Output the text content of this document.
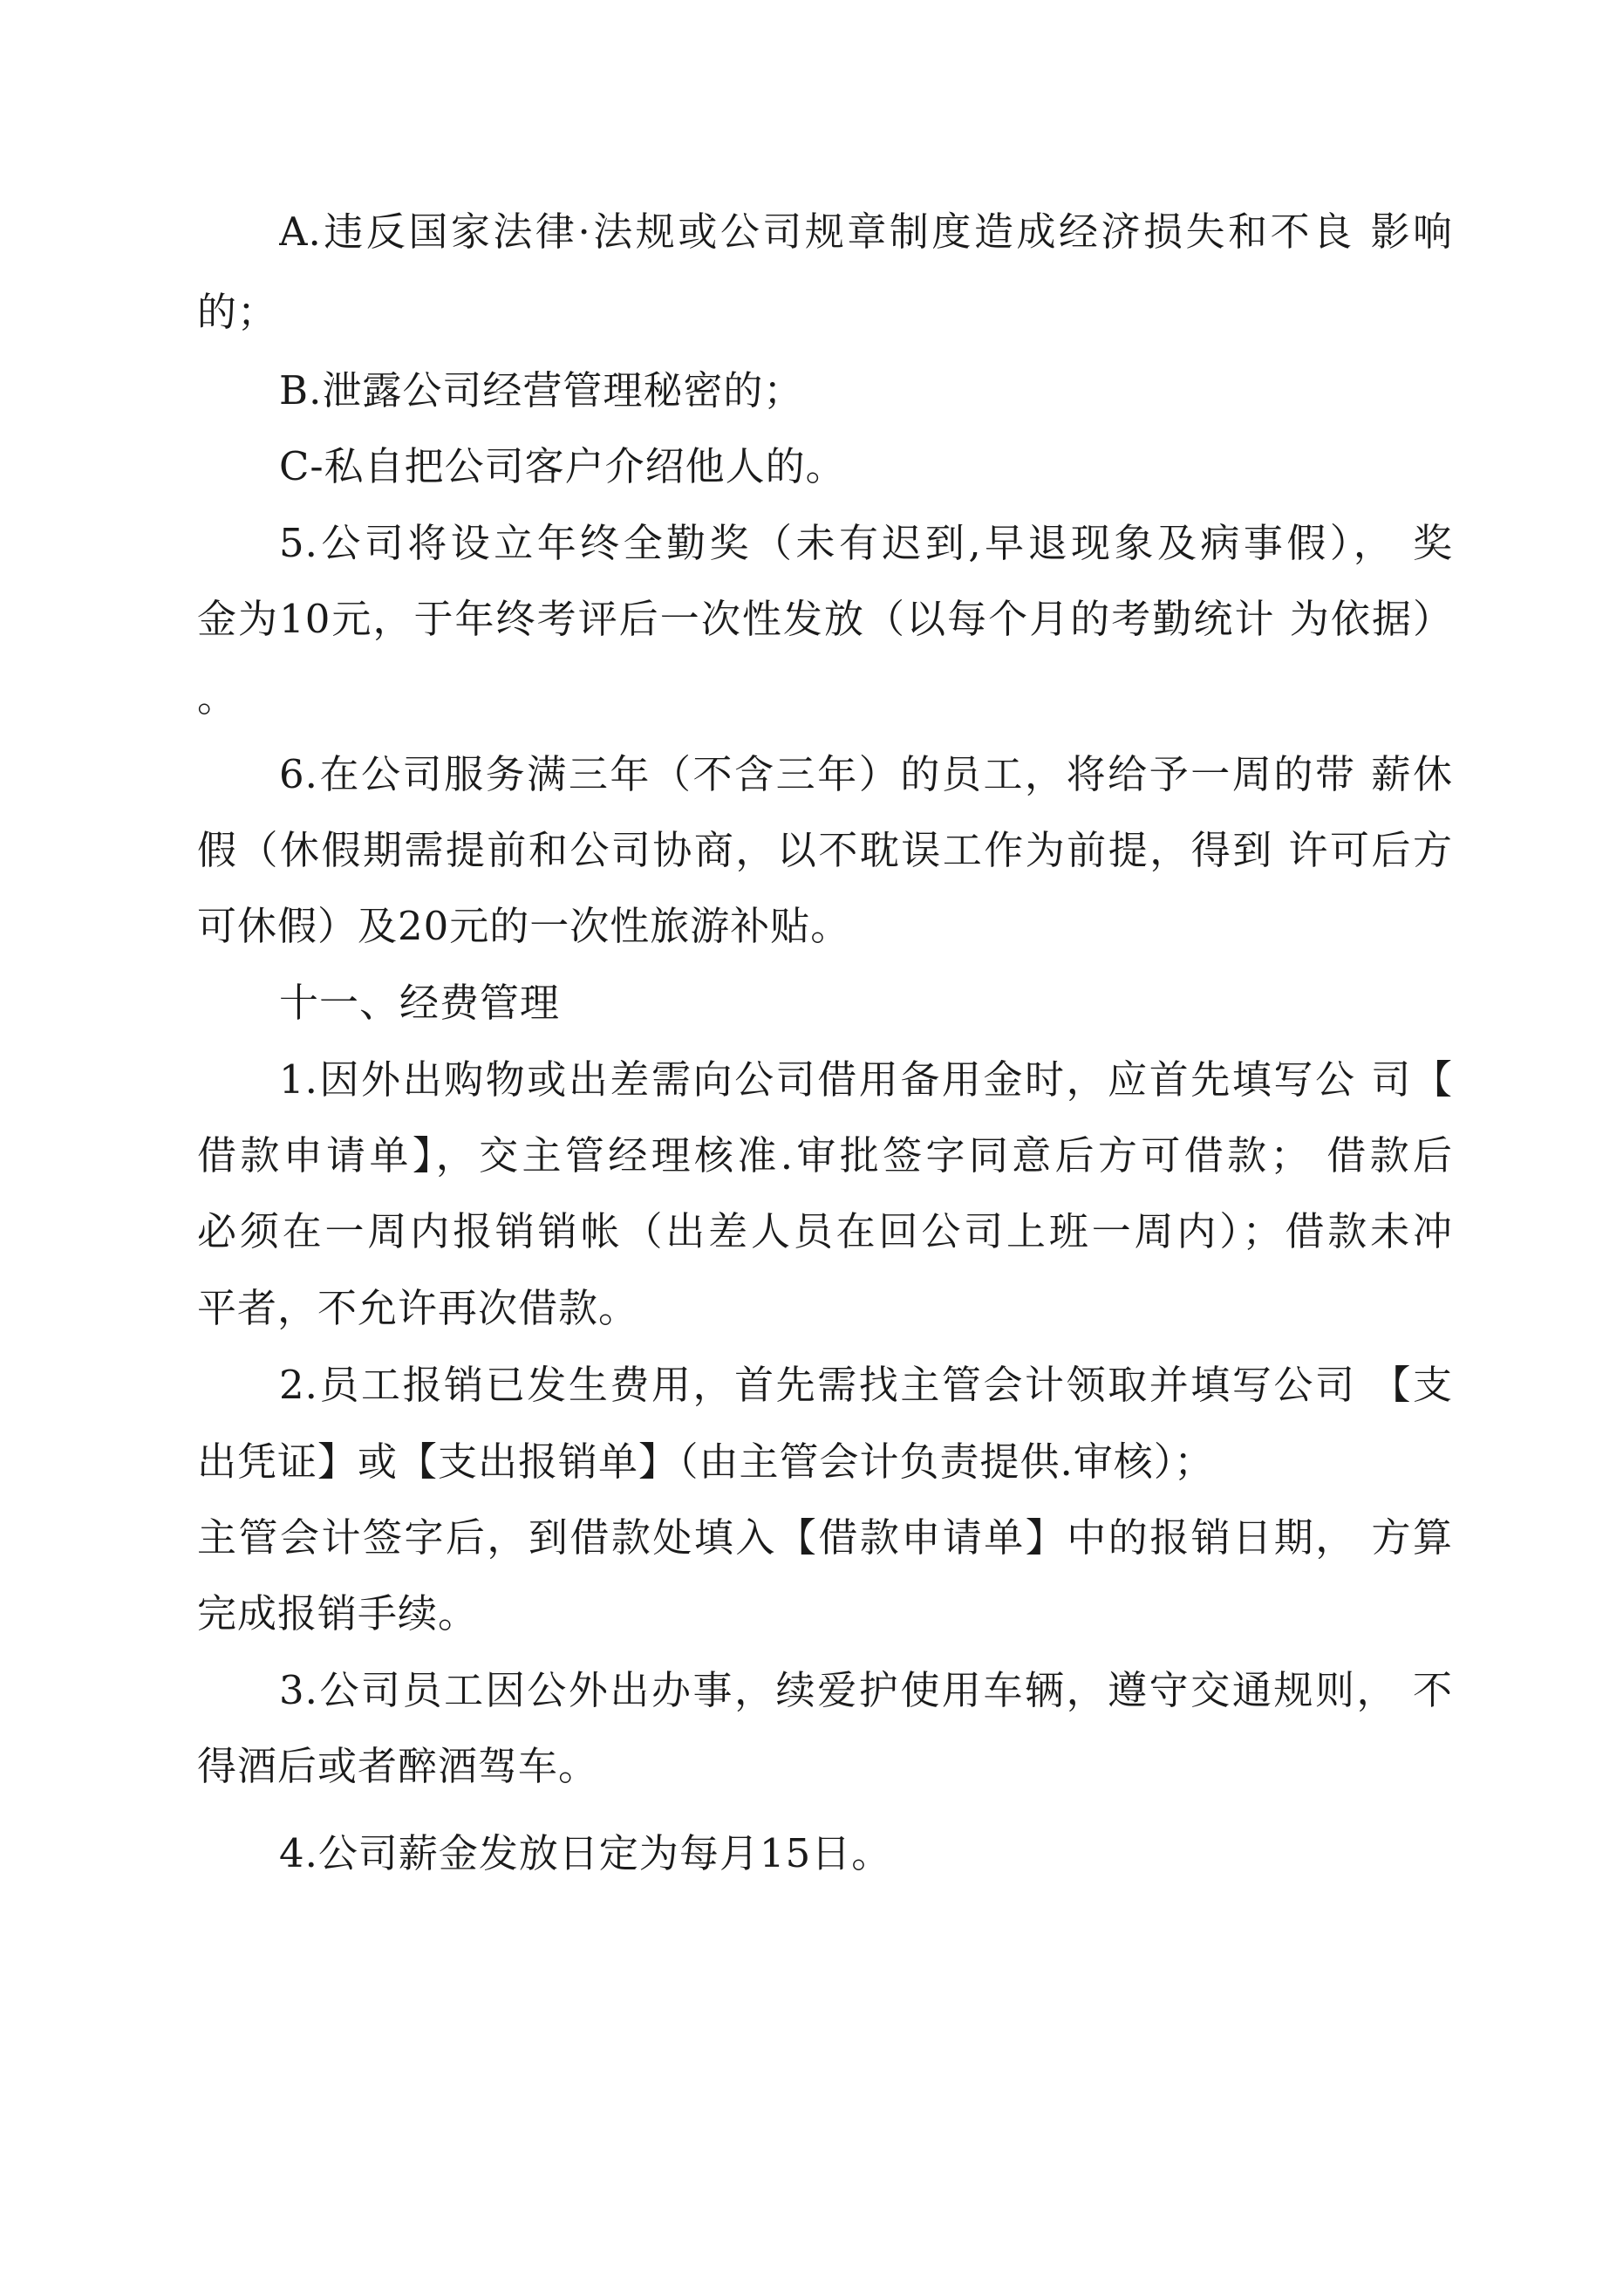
A.违反国家法律·法规或公司规章制度造成经济损失和不良 影响
的；
B.泄露公司经营管理秘密的；
C-私自把公司客户介绍他人的。
5.公司将设立年终全勤奖（未有迟到,早退现象及病事假）， 奖
金为10元，于年终考评后一次性发放（以每个月的考勤统计 为依据）
。
6.在公司服务满三年（不含三年）的员工，将给予一周的带 薪休
假（休假期需提前和公司协商，以不耽误工作为前提，得到 许可后方
可休假）及20元的一次性旅游补贴。
十一、经费管理
1.因外出购物或出差需向公司借用备用金时，应首先填写公 司【
借款申请单】，交主管经理核准.审批签字同意后方可借款； 借款后
必须在一周内报销销帐（出差人员在回公司上班一周内）；借款未冲
平者，不允许再次借款。
2.员工报销已发生费用，首先需找主管会计领取并填写公司 【支
出凭证】或【支出报销单】（由主管会计负责提供.审核）；
主管会计签字后，到借款处填入【借款申请单】中的报销日期， 方算
完成报销手续。
3.公司员工因公外出办事，续爱护使用车辆，遵守交通规则， 不
得酒后或者醉酒驾车。
4.公司薪金发放日定为每月15日。
